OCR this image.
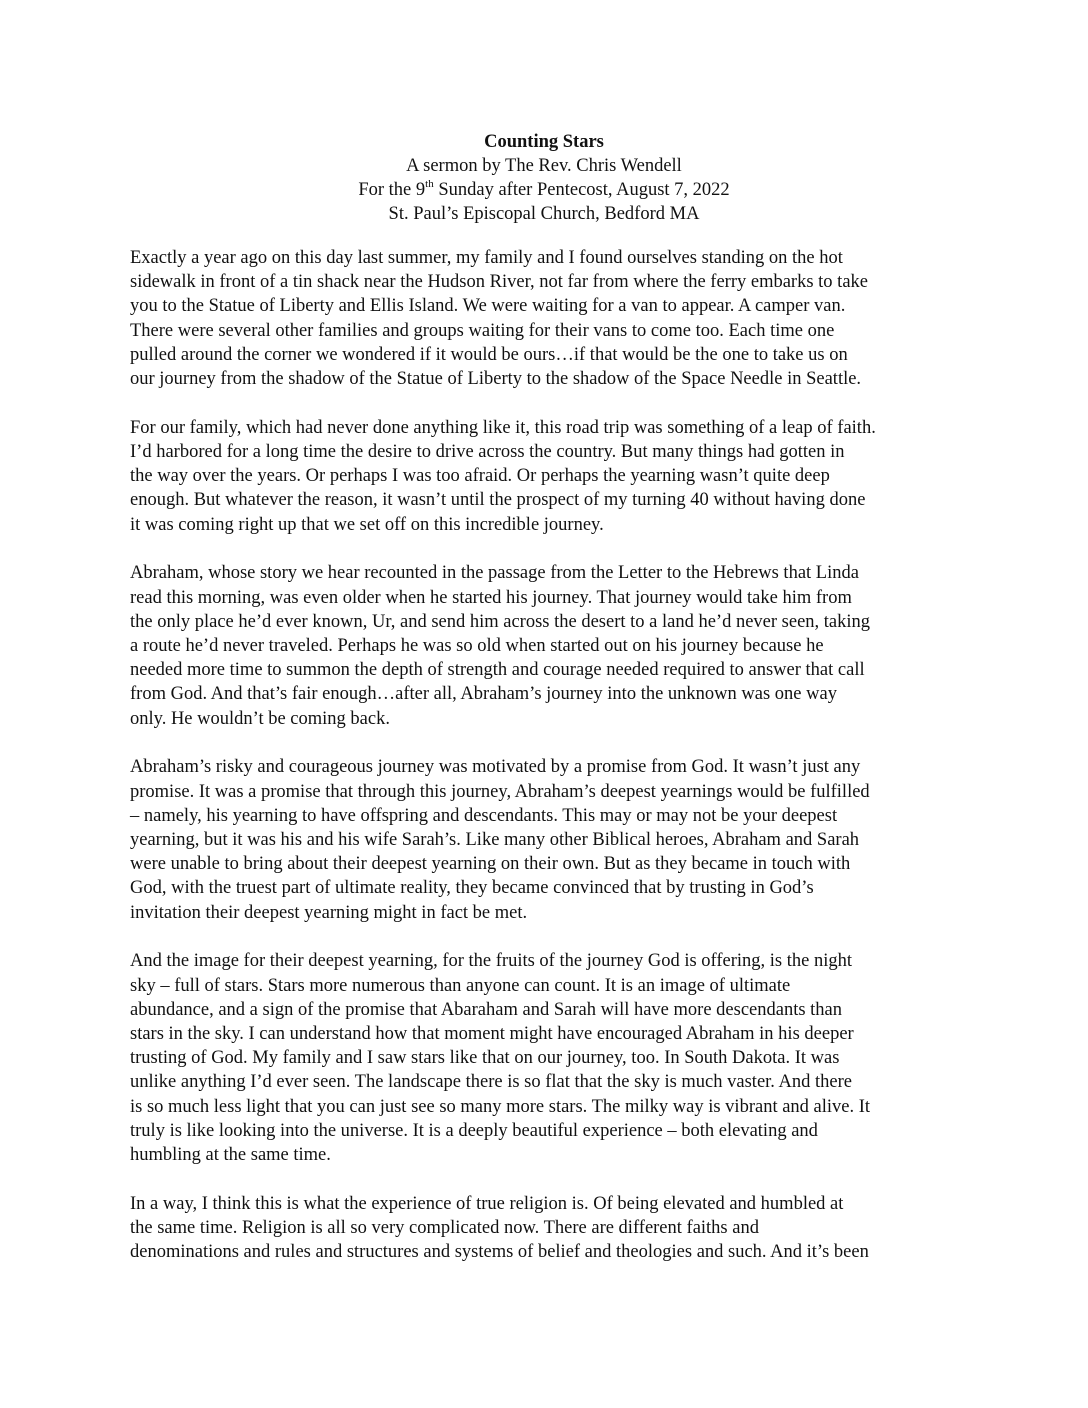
Counting Stars
A sermon by The Rev. Chris Wendell
For the 9th Sunday after Pentecost, August 7, 2022
St. Paul’s Episcopal Church, Bedford MA

Exactly a year ago on this day last summer, my family and I found ourselves standing on the hot
sidewalk in front of a tin shack near the Hudson River, not far from where the ferry embarks to take
you to the Statue of Liberty and Ellis Island. We were waiting for a van to appear. A camper van.
There were several other families and groups waiting for their vans to come too. Each time one
pulled around the corner we wondered if it would be ours…if that would be the one to take us on
our journey from the shadow of the Statue of Liberty to the shadow of the Space Needle in Seattle.

For our family, which had never done anything like it, this road trip was something of a leap of faith.
I’d harbored for a long time the desire to drive across the country. But many things had gotten in
the way over the years. Or perhaps I was too afraid. Or perhaps the yearning wasn’t quite deep
enough. But whatever the reason, it wasn’t until the prospect of my turning 40 without having done
it was coming right up that we set off on this incredible journey.

Abraham, whose story we hear recounted in the passage from the Letter to the Hebrews that Linda
read this morning, was even older when he started his journey. That journey would take him from
the only place he’d ever known, Ur, and send him across the desert to a land he’d never seen, taking
a route he’d never traveled. Perhaps he was so old when started out on his journey because he
needed more time to summon the depth of strength and courage needed required to answer that call
from God. And that’s fair enough…after all, Abraham’s journey into the unknown was one way
only. He wouldn’t be coming back.

Abraham’s risky and courageous journey was motivated by a promise from God. It wasn’t just any
promise. It was a promise that through this journey, Abraham’s deepest yearnings would be fulfilled
– namely, his yearning to have offspring and descendants. This may or may not be your deepest
yearning, but it was his and his wife Sarah’s. Like many other Biblical heroes, Abraham and Sarah
were unable to bring about their deepest yearning on their own. But as they became in touch with
God, with the truest part of ultimate reality, they became convinced that by trusting in God’s
invitation their deepest yearning might in fact be met.

And the image for their deepest yearning, for the fruits of the journey God is offering, is the night
sky – full of stars. Stars more numerous than anyone can count. It is an image of ultimate
abundance, and a sign of the promise that Abaraham and Sarah will have more descendants than
stars in the sky. I can understand how that moment might have encouraged Abraham in his deeper
trusting of God. My family and I saw stars like that on our journey, too. In South Dakota. It was
unlike anything I’d ever seen. The landscape there is so flat that the sky is much vaster. And there
is so much less light that you can just see so many more stars. The milky way is vibrant and alive. It
truly is like looking into the universe. It is a deeply beautiful experience – both elevating and
humbling at the same time.

In a way, I think this is what the experience of true religion is. Of being elevated and humbled at
the same time. Religion is all so very complicated now. There are different faiths and
denominations and rules and structures and systems of belief and theologies and such. And it’s been
